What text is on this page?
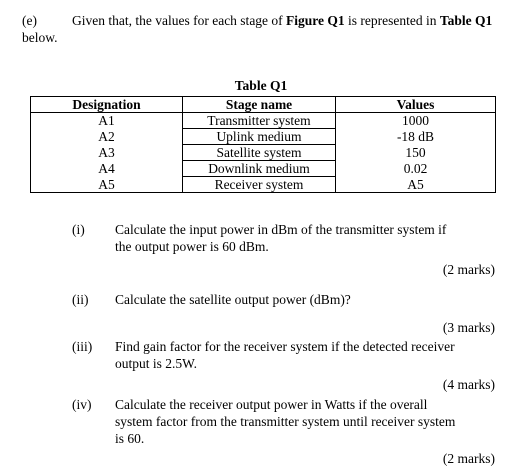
(e)	Given that, the values for each stage of Figure Q1 is represented in Table Q1
below.
Table Q1
Designation	Stage name	Values
A1	Transmitter system	1000
A2	Uplink medium	-18 dB
A3	Satellite system	150
A4	Downlink medium	0.02
A5	Receiver system	A5
(i) Calculate the input power in dBm of the transmitter system if
the output power is 60 dBm.
(2 marks)
(ii) Calculate the satellite output power (dBm)?
(3 marks)
(iii) Find gain factor for the receiver system if the detected receiver
output is 2.5W.
(4 marks)
(iv) Calculate the receiver output power in Watts if the overall
system factor from the transmitter system until receiver system
is 60.
(2 marks)
